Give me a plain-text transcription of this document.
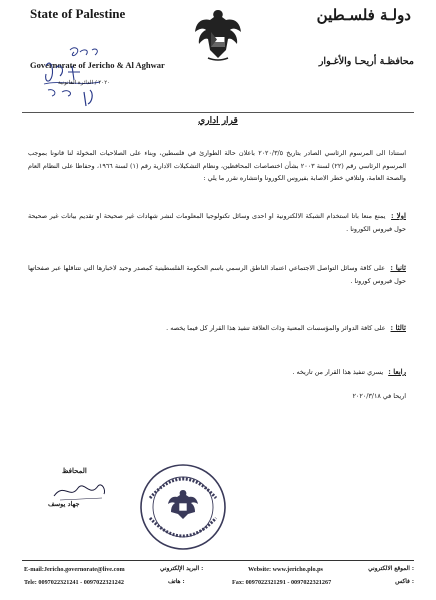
State of Palestine
Governorate of Jericho & Al Aghwar
دولـة فلسـطين
محافظـة أريحـا والأغـوار
٢٠٢٠ / الدائرة القانونية
قرار اداري
استنادا الى المرسوم الرئاسي الصادر بتاريخ ٢٠٢٠/٣/٥ باعلان حالة الطوارئ في فلسطين، وبناء على الصلاحيات المخولة لنا قانونا بموجب المرسوم الرئاسي رقم (٢٢) لسنة ٢٠٠٣ بشأن اختصاصات المحافظين، ونظام التشكيلات الادارية رقم (١) لسنة ١٩٦٦، وحفاظا على النظام العام والصحة العامة، ولتلافي خطر الاصابة بفيروس الكورونا وانتشاره نقرر ما يلي :
اولا : يمنع منعا باتا استخدام الشبكة الالكترونية او احدى وسائل تكنولوجيا المعلومات لنشر شهادات غير صحيحة او تقديم بيانات غير صحيحة حول فيروس الكورونا .
ثانيا : على كافة وسائل التواصل الاجتماعي اعتماد الناطق الرسمي باسم الحكومة الفلسطينية كمصدر وحيد لاخبارها التي تتناقلها عبر صفحاتها حول فيروس كورونا .
ثالثا : على كافة الدوائر والمؤسسات المعنية وذات العلاقة تنفيذ هذا القرار كل فيما يخصه .
رابعا : يسري تنفيذ هذا القرار من تاريخه .
اريحا في ٢٠٢٠/٣/١٨
المحافظ
جهاد يوسف
E-mail:Jericho.governorate@live.com	: البريد الإلكتروني
Tele: 0097022321241 - 0097022321242	: هاتف
Website: www.jericho.plo.ps	: الموقع الالكتروني
Fax: 0097022321291 - 0097022321267	: فاكس
